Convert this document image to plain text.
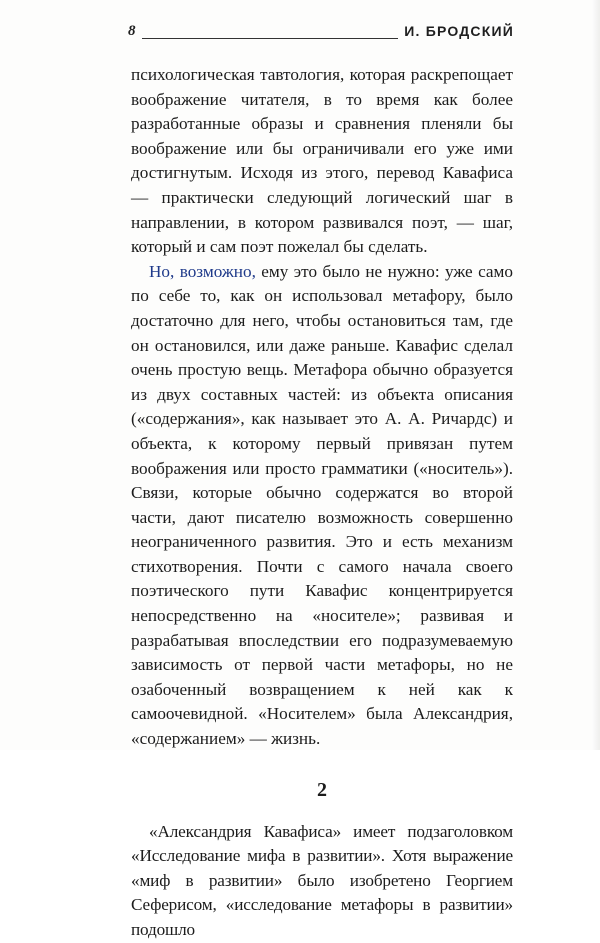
8	И. БРОДСКИЙ

психологическая тавтология, которая раскрепощает воображение читателя, в то время как более разработанные образы и сравнения пленяли бы воображение или бы ограничивали его уже ими достигнутым. Исходя из этого, перевод Кавафиса — практически следующий логический шаг в направлении, в котором развивался поэт, — шаг, который и сам поэт пожелал бы сделать.

Но, возможно, ему это было не нужно: уже само по себе то, как он использовал метафору, было достаточно для него, чтобы остановиться там, где он остановился, или даже раньше. Кавафис сделал очень простую вещь. Метафора обычно образуется из двух составных частей: из объекта описания («содержания», как называет это А. А. Ричардс) и объекта, к которому первый привязан путем воображения или просто грамматики («носитель»). Связи, которые обычно содержатся во второй части, дают писателю возможность совершенно неограниченного развития. Это и есть механизм стихотворения. Почти с самого начала своего поэтического пути Кавафис концентрируется непосредственно на «носителе»; развивая и разрабатывая впоследствии его подразумеваемую зависимость от первой части метафоры, но не озабоченный возвращением к ней как к самоочевидной. «Носителем» была Александрия, «содержанием» — жизнь.

2

«Александрия Кавафиса» имеет подзаголовком «Исследование мифа в развитии». Хотя выражение «миф в развитии» было изобретено Георгием Сеферисом, «исследование метафоры в развитии» подошло
